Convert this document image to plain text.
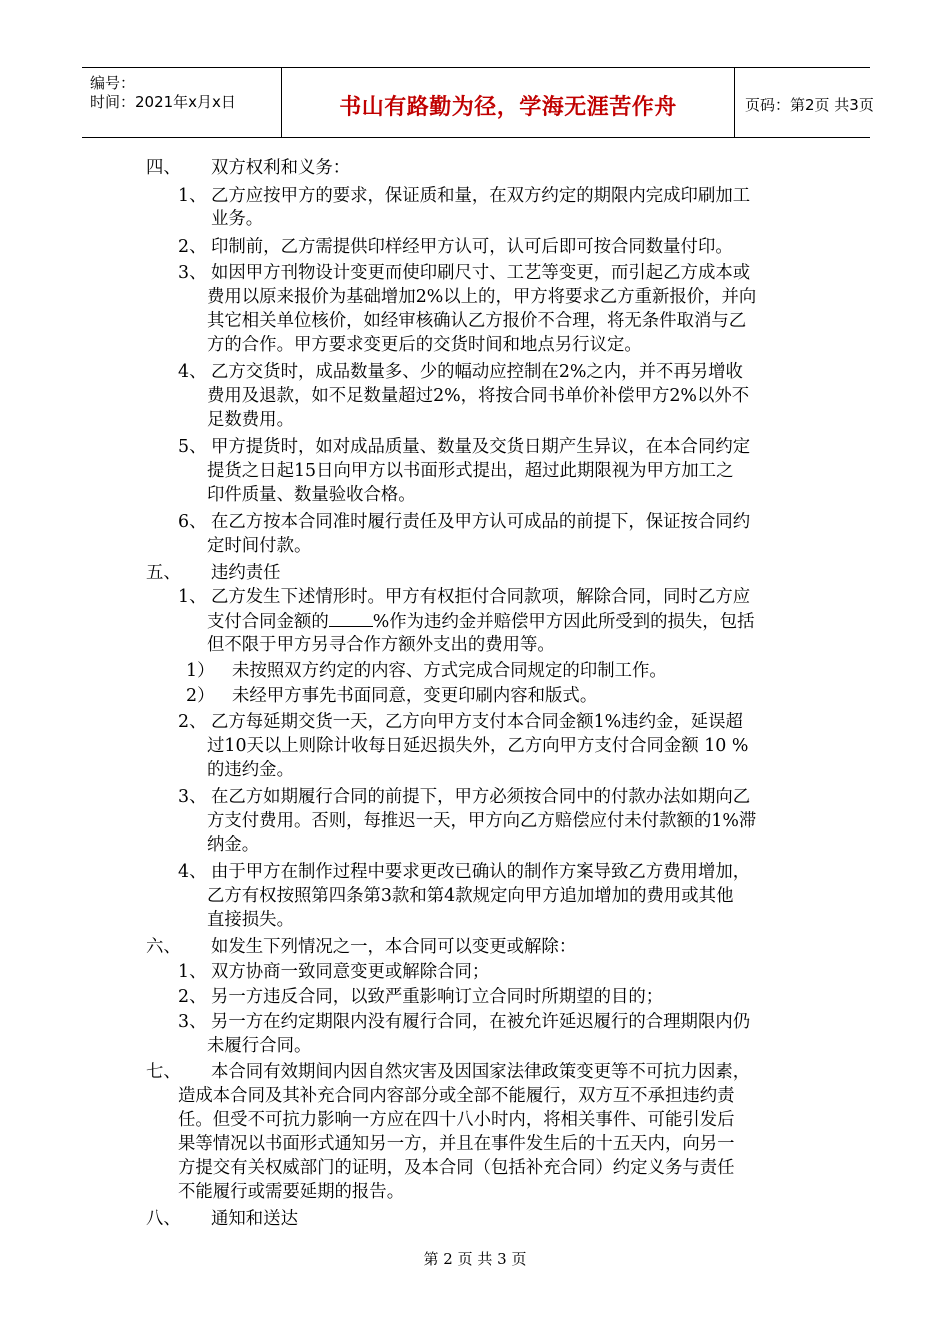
编号：
时间：2021年x月x日	书山有路勤为径，学海无涯苦作舟	页码：第2页 共3页
四、 双方权利和义务：
1、 乙方应按甲方的要求，保证质和量，在双方约定的期限内完成印刷加工
业务。
2、 印制前，乙方需提供印样经甲方认可，认可后即可按合同数量付印。
3、 如因甲方刊物设计变更而使印刷尺寸、工艺等变更，而引起乙方成本或
费用以原来报价为基础增加2%以上的，甲方将要求乙方重新报价，并向
其它相关单位核价，如经审核确认乙方报价不合理，将无条件取消与乙
方的合作。甲方要求变更后的交货时间和地点另行议定。
4、 乙方交货时，成品数量多、少的幅动应控制在2%之内，并不再另增收
费用及退款，如不足数量超过2%，将按合同书单价补偿甲方2%以外不
足数费用。
5、 甲方提货时，如对成品质量、数量及交货日期产生异议，在本合同约定
提货之日起15日向甲方以书面形式提出，超过此期限视为甲方加工之
印件质量、数量验收合格。
6、 在乙方按本合同准时履行责任及甲方认可成品的前提下，保证按合同约
定时间付款。
五、 违约责任
1、 乙方发生下述情形时。甲方有权拒付合同款项，解除合同，同时乙方应
支付合同金额的	%作为违约金并赔偿甲方因此所受到的损失，包括
但不限于甲方另寻合作方额外支出的费用等。
1） 未按照双方约定的内容、方式完成合同规定的印制工作。
2） 未经甲方事先书面同意，变更印刷内容和版式。
2、 乙方每延期交货一天，乙方向甲方支付本合同金额1%违约金，延误超
过10天以上则除计收每日延迟损失外，乙方向甲方支付合同金额 10 %
的违约金。
3、 在乙方如期履行合同的前提下，甲方必须按合同中的付款办法如期向乙
方支付费用。否则，每推迟一天，甲方向乙方赔偿应付未付款额的1%滞
纳金。
4、 由于甲方在制作过程中要求更改已确认的制作方案导致乙方费用增加，
乙方有权按照第四条第3款和第4款规定向甲方追加增加的费用或其他
直接损失。
六、 如发生下列情况之一，本合同可以变更或解除：
1、 双方协商一致同意变更或解除合同；
2、 另一方违反合同，以致严重影响订立合同时所期望的目的；
3、 另一方在约定期限内没有履行合同，在被允许延迟履行的合理期限内仍
未履行合同。
七、 本合同有效期间内因自然灾害及因国家法律政策变更等不可抗力因素，
造成本合同及其补充合同内容部分或全部不能履行，双方互不承担违约责
任。但受不可抗力影响一方应在四十八小时内，将相关事件、可能引发后
果等情况以书面形式通知另一方，并且在事件发生后的十五天内，向另一
方提交有关权威部门的证明，及本合同（包括补充合同）约定义务与责任
不能履行或需要延期的报告。
八、 通知和送达
第 2 页 共 3 页
